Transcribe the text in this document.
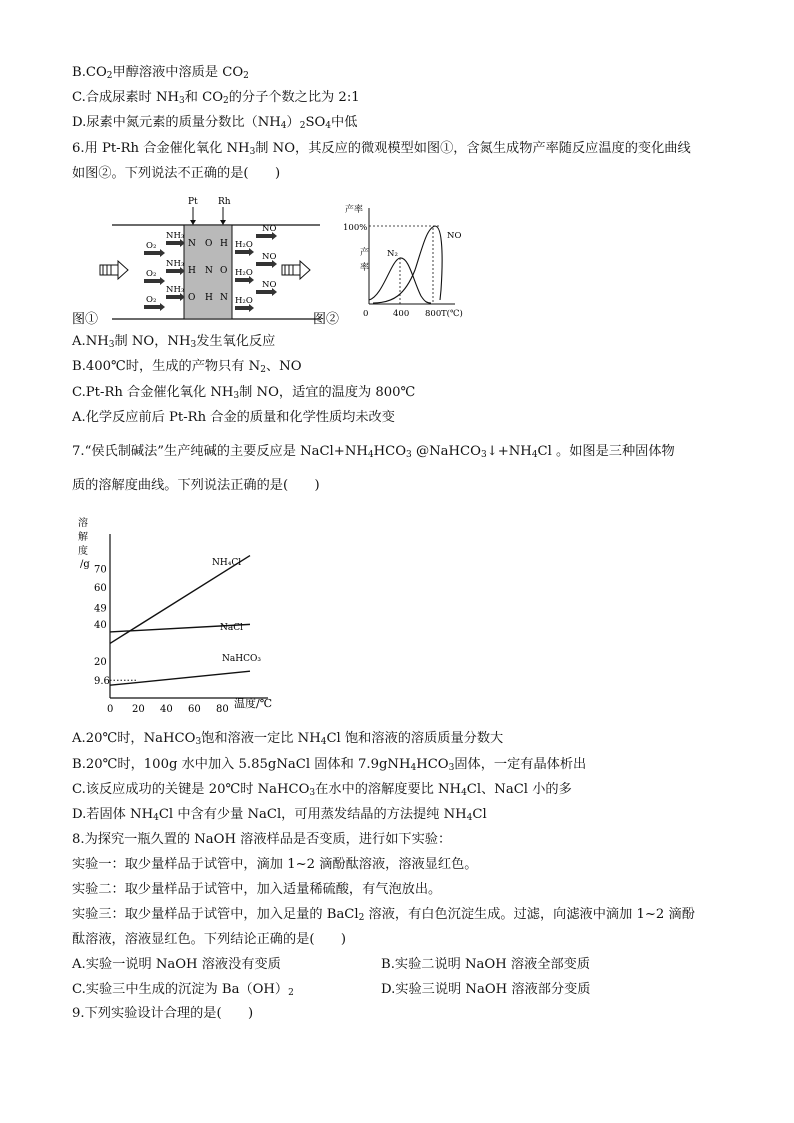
$B.CO_2$甲醇溶液中溶质是 $CO_2$
C.合成尿素时 $NH_3$和 $CO_2$的分子个数之比为 2:1
D.尿素中氮元素的质量分数比$(NH_4)_2SO_4$中低
6.用 Pt-Rh 合金催化氧化 $NH_3$制 NO，其反应的微观模型如图①，含氮生成物产率随反应温度的变化曲线
如图②。下列说法不正确的是(　　)
Pt Rh
O₂
NH₃
O₂
NH₃
O₂
NH₃
N O H
H N O
O H N
NO
H₂O
NO
H₂O
NO
H₂O
图①	图②
产率
100%
产
率
N₂
NO
0	400 800 T(℃)
$A.NH_3$制 NO，$NH_3$发生氧化反应
B.400℃时，生成的产物只有 $N_2$、NO
C.Pt-Rh 合金催化氧化 $NH_3$制 NO，适宜的温度为 800℃
A.化学反应前后 Pt-Rh 合金的质量和化学性质均未改变
7.“侯氏制碱法”生产纯碱的主要反应是 $NaCl+NH_4HCO_3$ $@NaHCO_3↓+NH_4Cl$ 。如图是三种固体物
质的溶解度曲线。下列说法正确的是(　　)
溶
解
度
/g
9.6
20
40
49
60
70
0 20 40 60 80
NH₄Cl
NaCl
NaHCO₃
温度/℃
A.20℃时，NaHCO$_3$饱和溶液一定比 $NH_4Cl$ 饱和溶液的溶质质量分数大
B.20℃时，100g 水中加入 5.85gNaCl 固体和 $7.9gNH_4HCO_3$固体，一定有晶体析出
C.该反应成功的关键是 20℃时 NaHCO$_3$在水中的溶解度要比 $NH_4Cl$、NaCl 小的多
D.若固体 $NH_4Cl$ 中含有少量 NaCl，可用蒸发结晶的方法提纯 $NH_4Cl$
8.为探究一瓶久置的 NaOH 溶液样品是否变质，进行如下实验：
实验一：取少量样品于试管中，滴加 1~2 滴酚酞溶液，溶液显红色。
实验二：取少量样品于试管中，加入适量稀硫酸，有气泡放出。
实验三：取少量样品于试管中，加入足量的 BaCl$_2$ 溶液，有白色沉淀生成。过滤，向滤液中滴加 1~2 滴酚
酞溶液，溶液显红色。下列结论正确的是(　　)
A.实验一说明 NaOH 溶液没有变质	B.实验二说明 NaOH 溶液全部变质
C.实验三中生成的沉淀为 $Ba(OH)_2$	D.实验三说明 NaOH 溶液部分变质
9.下列实验设计合理的是(　　)
